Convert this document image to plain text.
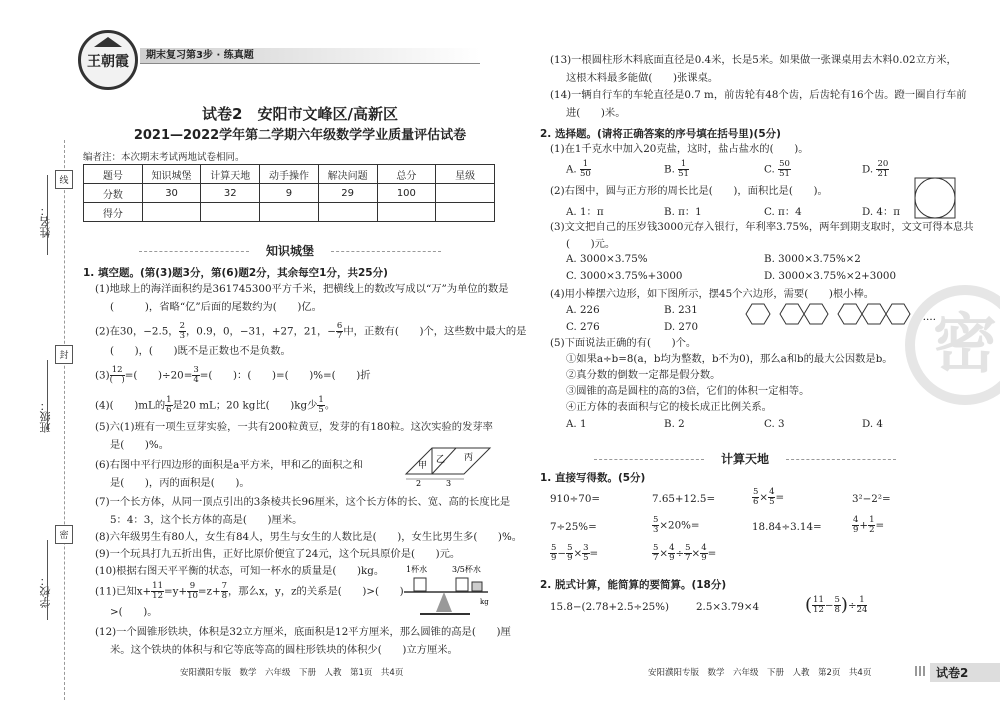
线
封
密
姓名：
班级：
学校：
王朝霞	期末复习第3步 · 练真题
试卷2　安阳市文峰区/高新区
2021—2022学年第二学期六年级数学学业质量评估试卷
编者注：本次期末考试两地试卷相同。
题号	知识城堡	计算天地	动手操作	解决问题	总分	星级
分数	30	32	9	29	100	
得分						
知识城堡
1. 填空题。(第(3)题3分，第(6)题2分，其余每空1分，共25分)
(1)地球上的海洋面积约是361745300平方千米，把横线上的数改写成以“万”为单位的数是
(　　　)，省略“亿”后面的尾数约为(　　)亿。
(2)在30，−2.5， $\frac{2}{3}$ ，0.9，0，−31，+27，21，− $\frac{6}{7}$ 中，正数有(　　)个，这些数中最大的是
(　　)，(　　)既不是正数也不是负数。
$(3) \frac{12}{( )}$ =(　　)$\div 20= \frac{3}{4}$ =(　　)：(　　)=(　　)%=(　　)折
(4)(　　)mL的 $\frac{1}{6}$ 是20 mL；20 kg比(　　)kg少 $\frac{1}{5}$ 。
(5)六(1)班有一项生豆芽实验，一共有200粒黄豆，发芽的有180粒。这次实验的发芽率
是(　　)%。
(6)右图中平行四边形的面积是a平方米，甲和乙的面积之和
是(　　)，丙的面积是(　　)。
甲
乙 丙
2	3
(7)一个长方体，从同一顶点引出的3条棱共长96厘米，这个长方体的长、宽、高的长度比是
5：4：3，这个长方体的高是(　　)厘米。
(8)六年级男生有80人，女生有84人，男生与女生的人数比是(　　)，女生比男生多(　　)%。
(9)一个玩具打九五折出售，正好比原价便宜了24元，这个玩具原价是(　　)元。
(10)根据右图天平平衡的状态，可知一杯水的质量是(　　)kg。	1杯水	3/5杯水
kg
(11)已知$x+ \frac{11}{12} =y+ \frac{9}{10} =z+ \frac{7}{8}$ ，那么x，y，z的关系是(　　)>(　　)
>(　　)。
(12)一个圆锥形铁块，体积是32立方厘米，底面积是12平方厘米，那么圆锥的高是(　　)厘
米。这个铁块的体积与和它等底等高的圆柱形铁块的体积少(　　)立方厘米。
安阳濮阳专版　数学　六年级　下册　人教　第1页　共4页
(13)一根圆柱形木料底面直径是0.4米，长是5米。如果做一张课桌用去木料0.02立方米，
这根木料最多能做(　　)张课桌。
(14)一辆自行车的车轮直径是0.7 m，前齿轮有48个齿，后齿轮有16个齿。蹬一圈自行车前
进(　　)米。
2. 选择题。(请将正确答案的序号填在括号里)(5分)
(1)在1千克水中加入20克盐，这时，盐占盐水的(　　)。
A. $\frac{1}{50}$	B. $\frac{1}{51}$	C. $\frac{50}{51}$	D. $\frac{20}{21}$
(2)右图中，圆与正方形的周长比是(　　)，面积比是(　　)。
A. 1：π	B. π：1	C. π：4	D. 4：π
(3)文文把自己的压岁钱3000元存入银行，年利率3.75%，两年到期支取时，文文可得本息共
(　　)元。
A. 3000×3.75%	B. 3000×3.75%×2
C. 3000×3.75%+3000	D. 3000×3.75%×2+3000
(4)用小棒摆六边形，如下图所示，摆45个六边形，需要(　　)根小棒。
A. 226	B. 231
C. 276	D. 270
……
(5)下面说法正确的有(　　)个。
①如果a÷b=8(a，b均为整数，b不为0)，那么a和b的最大公因数是b。
②真分数的倒数一定都是假分数。
③圆锥的高是圆柱的高的3倍，它们的体积一定相等。
④正方体的表面积与它的棱长成正比例关系。
A. 1	B. 2	C. 3	D. 4
密
计算天地
1. 直接写得数。(5分)
910÷70=	7.65+12.5=	$\frac{5}{6} \times \frac{4}{5}$ =	3²−2²=
7÷25%=	$\frac{5}{3} \times 20\%=$	18.84÷3.14=	$\frac{4}{9} + \frac{1}{2}$ =
$\frac{5}{9} - \frac{5}{9} \times \frac{3}{5}$ =	$\frac{5}{7} \times \frac{4}{9} \div \frac{5}{7} \times \frac{4}{9}$ =
2. 脱式计算，能简算的要简算。(18分)
15.8−(2.78+2.5÷25%)	2.5×3.79×4	( $\frac{11}{12} - \frac{5}{8}$ )÷ $\frac{1}{24}$
安阳濮阳专版　数学　六年级　下册　人教　第2页　共4页	试卷2
